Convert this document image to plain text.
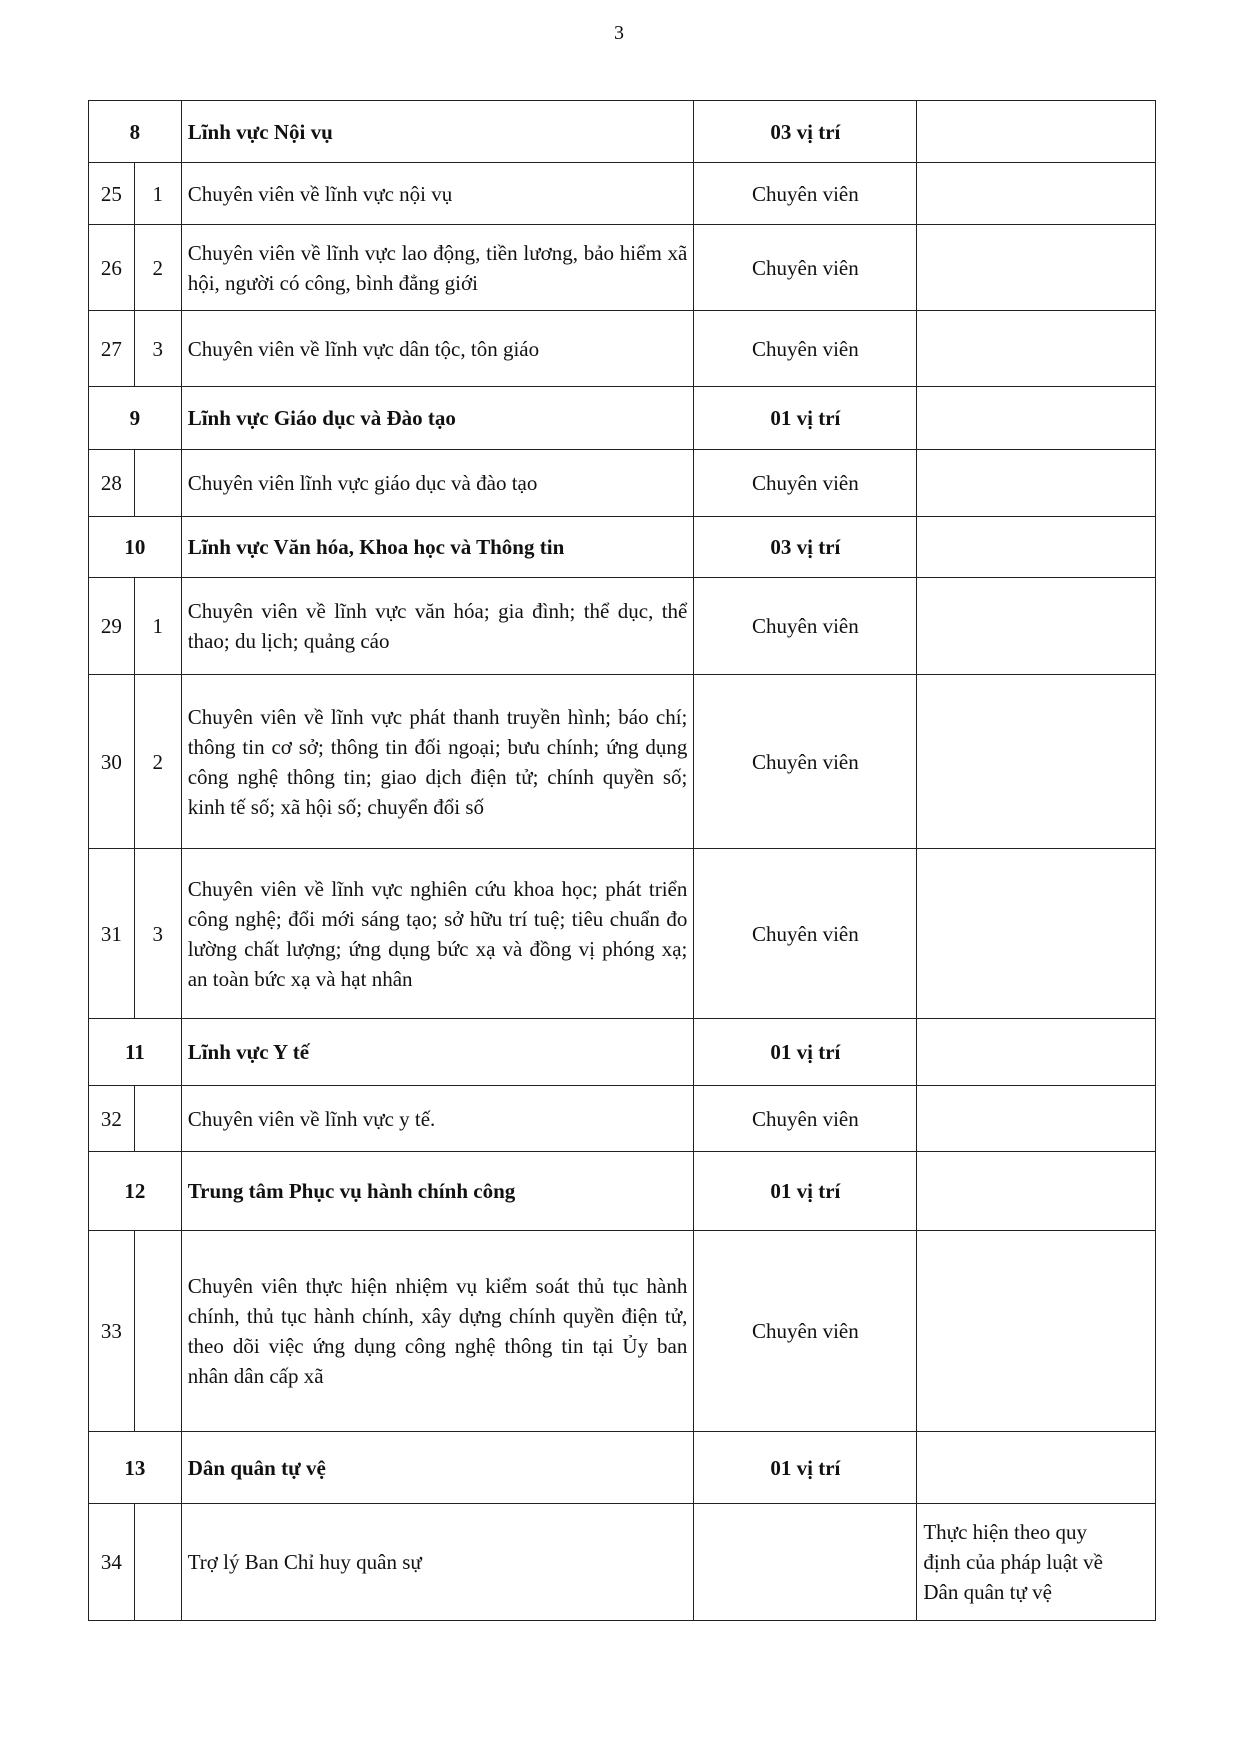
3
8		Lĩnh vực Nội vụ	03 vị trí	
25	1	Chuyên viên về lĩnh vực nội vụ	Chuyên viên	
26	2	Chuyên viên về lĩnh vực lao động, tiền lương, bảo hiểm xã hội, người có công, bình đẳng giới	Chuyên viên	
27	3	Chuyên viên về lĩnh vực dân tộc, tôn giáo	Chuyên viên	
9		Lĩnh vực Giáo dục và Đào tạo	01 vị trí	
28		Chuyên viên lĩnh vực giáo dục và đào tạo	Chuyên viên	
10		Lĩnh vực Văn hóa, Khoa học và Thông tin	03 vị trí	
29	1	Chuyên viên về lĩnh vực văn hóa; gia đình; thể dục, thể thao; du lịch; quảng cáo	Chuyên viên	
30	2	Chuyên viên về lĩnh vực phát thanh truyền hình; báo chí; thông tin cơ sở; thông tin đối ngoại; bưu chính; ứng dụng công nghệ thông tin; giao dịch điện tử; chính quyền số; kinh tế số; xã hội số; chuyển đổi số	Chuyên viên	
31	3	Chuyên viên về lĩnh vực nghiên cứu khoa học; phát triển công nghệ; đổi mới sáng tạo; sở hữu trí tuệ; tiêu chuẩn đo lường chất lượng; ứng dụng bức xạ và đồng vị phóng xạ; an toàn bức xạ và hạt nhân	Chuyên viên	
11		Lĩnh vực Y tế	01 vị trí	
32		Chuyên viên về lĩnh vực y tế.	Chuyên viên	
12		Trung tâm Phục vụ hành chính công	01 vị trí	
33		Chuyên viên thực hiện nhiệm vụ kiểm soát thủ tục hành chính, thủ tục hành chính, xây dựng chính quyền điện tử, theo dõi việc ứng dụng công nghệ thông tin tại Ủy ban nhân dân cấp xã	Chuyên viên	
13		Dân quân tự vệ	01 vị trí	
34		Trợ lý Ban Chỉ huy quân sự		Thực hiện theo quy
định của pháp luật về
Dân quân tự vệ
